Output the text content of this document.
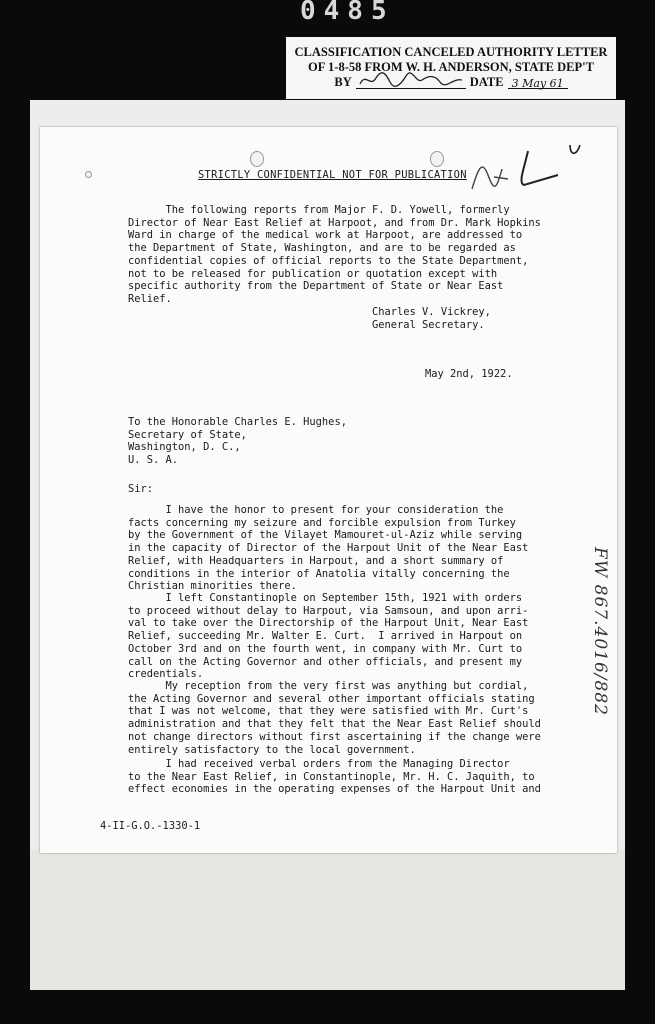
0485
CLASSIFICATION CANCELED AUTHORITY LETTER
OF 1-8-58 FROM W. H. ANDERSON, STATE DEP'T
BY	DATE 3 May 61
STRICTLY CONFIDENTIAL NOT FOR PUBLICATION
The following reports from Major F. D. Yowell, formerly
Director of Near East Relief at Harpoot, and from Dr. Mark Hopkins
Ward in charge of the medical work at Harpoot, are addressed to
the Department of State, Washington, and are to be regarded as
confidential copies of official reports to the State Department,
not to be released for publication or quotation except with
specific authority from the Department of State or Near East
Relief.
Charles V. Vickrey,
General Secretary.
May 2nd, 1922.
To the Honorable Charles E. Hughes,
Secretary of State,
Washington, D. C.,
U. S. A.
Sir:
I have the honor to present for your consideration the
facts concerning my seizure and forcible expulsion from Turkey
by the Government of the Vilayet Mamouret-ul-Aziz while serving
in the capacity of Director of the Harpout Unit of the Near East
Relief, with Headquarters in Harpout, and a short summary of
conditions in the interior of Anatolia vitally concerning the
Christian minorities there.
I left Constantinople on September 15th, 1921 with orders
to proceed without delay to Harpout, via Samsoun, and upon arri-
val to take over the Directorship of the Harpout Unit, Near East
Relief, succeeding Mr. Walter E. Curt.  I arrived in Harpout on
October 3rd and on the fourth went, in company with Mr. Curt to
call on the Acting Governor and other officials, and present my
credentials.
My reception from the very first was anything but cordial,
the Acting Governor and several other important officials stating
that I was not welcome, that they were satisfied with Mr. Curt's
administration and that they felt that the Near East Relief should
not change directors without first ascertaining if the change were
entirely satisfactory to the local government.
I had received verbal orders from the Managing Director
to the Near East Relief, in Constantinople, Mr. H. C. Jaquith, to
effect economies in the operating expenses of the Harpout Unit and
4-II-G.O.-1330-1
FW 867.4016/882
